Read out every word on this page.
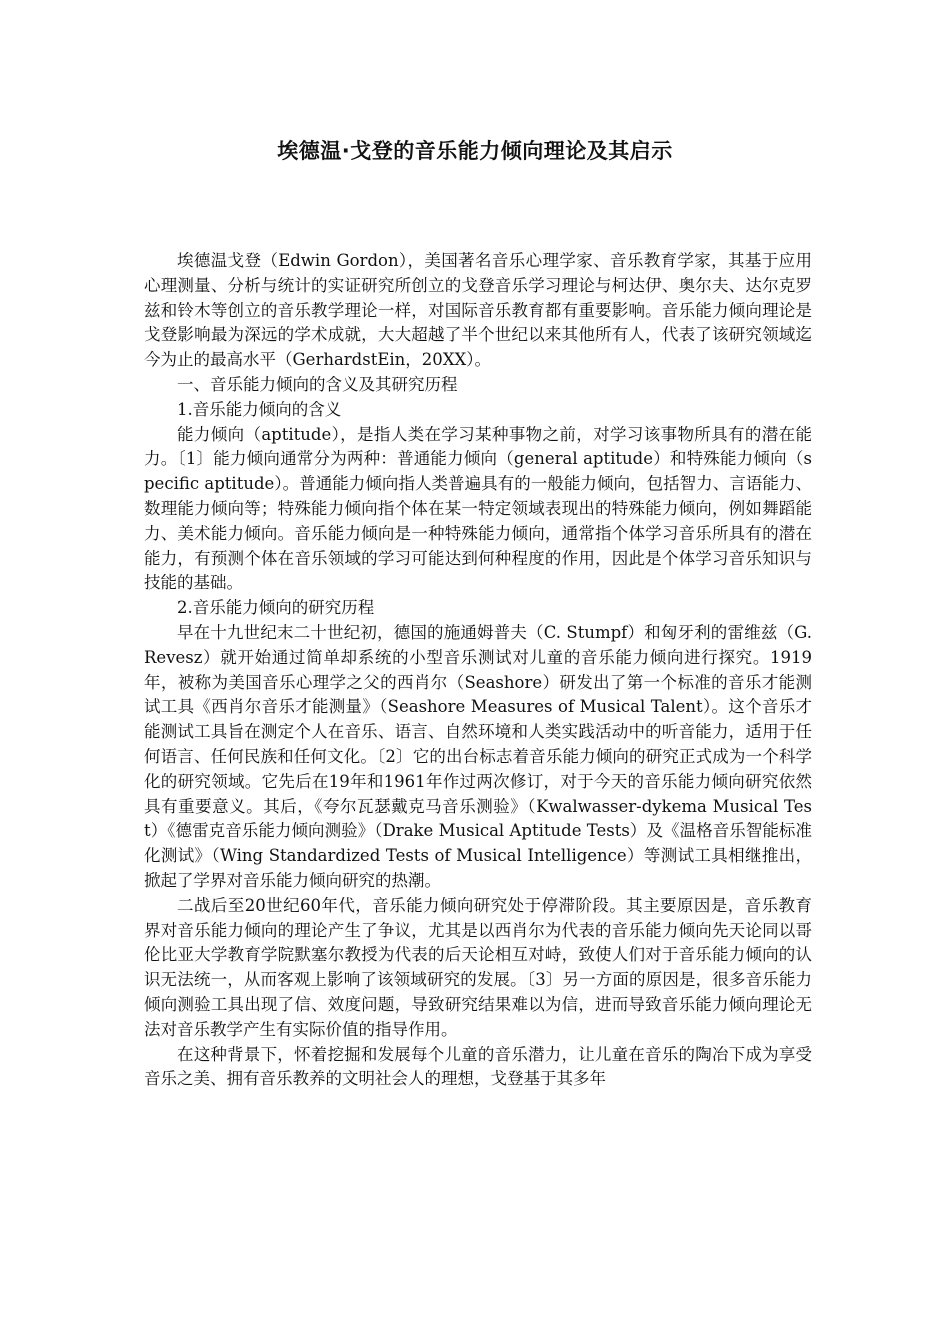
埃德温·戈登的音乐能力倾向理论及其启示

埃德温戈登（Edwin Gordon），美国著名音乐心理学家、音乐教育学家，其基于应用心理测量、分析与统计的实证研究所创立的戈登音乐学习理论与柯达伊、奥尔夫、达尔克罗兹和铃木等创立的音乐教学理论一样，对国际音乐教育都有重要影响。音乐能力倾向理论是戈登影响最为深远的学术成就，大大超越了半个世纪以来其他所有人，代表了该研究领域迄今为止的最高水平（GerhardstEin，20XX）。

一、音乐能力倾向的含义及其研究历程

1.音乐能力倾向的含义

能力倾向（aptitude），是指人类在学习某种事物之前，对学习该事物所具有的潜在能力。〔1〕能力倾向通常分为两种：普通能力倾向（general aptitude）和特殊能力倾向（specific aptitude）。普通能力倾向指人类普遍具有的一般能力倾向，包括智力、言语能力、数理能力倾向等；特殊能力倾向指个体在某一特定领域表现出的特殊能力倾向，例如舞蹈能力、美术能力倾向。音乐能力倾向是一种特殊能力倾向，通常指个体学习音乐所具有的潜在能力，有预测个体在音乐领域的学习可能达到何种程度的作用，因此是个体学习音乐知识与技能的基础。

2.音乐能力倾向的研究历程

早在十九世纪末二十世纪初，德国的施通姆普夫（C. Stumpf）和匈牙利的雷维兹（G. Revesz）就开始通过简单却系统的小型音乐测试对儿童的音乐能力倾向进行探究。1919年，被称为美国音乐心理学之父的西肖尔（Seashore）研发出了第一个标准的音乐才能测试工具《西肖尔音乐才能测量》（Seashore Measures of Musical Talent）。这个音乐才能测试工具旨在测定个人在音乐、语言、自然环境和人类实践活动中的听音能力，适用于任何语言、任何民族和任何文化。〔2〕它的出台标志着音乐能力倾向的研究正式成为一个科学化的研究领域。它先后在19年和1961年作过两次修订，对于今天的音乐能力倾向研究依然具有重要意义。其后，《夸尔瓦瑟戴克马音乐测验》（Kwalwasser-dykema Musical Test）《德雷克音乐能力倾向测验》（Drake Musical Aptitude Tests）及《温格音乐智能标准化测试》（Wing Standardized Tests of Musical Intelligence）等测试工具相继推出，掀起了学界对音乐能力倾向研究的热潮。

二战后至20世纪60年代，音乐能力倾向研究处于停滞阶段。其主要原因是，音乐教育界对音乐能力倾向的理论产生了争议，尤其是以西肖尔为代表的音乐能力倾向先天论同以哥伦比亚大学教育学院默塞尔教授为代表的后天论相互对峙，致使人们对于音乐能力倾向的认识无法统一，从而客观上影响了该领域研究的发展。〔3〕另一方面的原因是，很多音乐能力倾向测验工具出现了信、效度问题，导致研究结果难以为信，进而导致音乐能力倾向理论无法对音乐教学产生有实际价值的指导作用。

在这种背景下，怀着挖掘和发展每个儿童的音乐潜力，让儿童在音乐的陶冶下成为享受音乐之美、拥有音乐教养的文明社会人的理想，戈登基于其多年
